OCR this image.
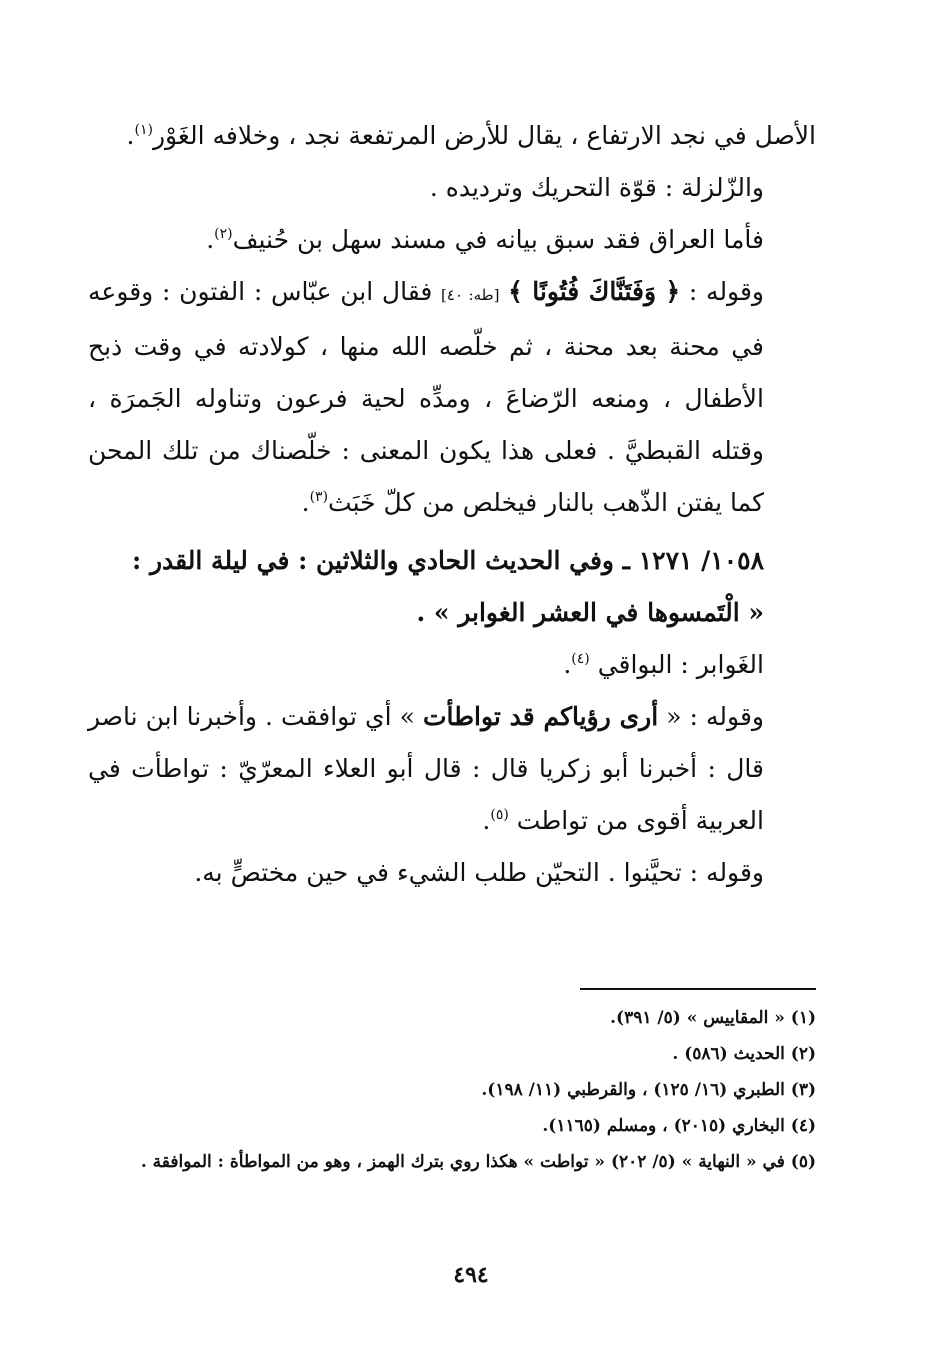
الأصل في نجد الارتفاع ، يقال للأرض المرتفعة نجد ، وخلافه الغَوْر$^{(١)}$.

والزّلزلة : قوّة التحريك وترديده .

فأما العراق فقد سبق بيانه في مسند سهل بن حُنيف$^{(٢)}$.

وقوله : ﴿ وَفَتَنَّاكَ فُتُونًا ﴾ [طه: ٤٠] فقال ابن عبّاس : الفتون : وقوعه في محنة بعد محنة ، ثم خلّصه الله منها ، كولادته في وقت ذبح الأطفال ، ومنعه الرّضاعَ ، ومدِّه لحية فرعون وتناوله الجَمرَة ، وقتله القبطيَّ . فعلى هذا يكون المعنى : خلّصناك من تلك المحن كما يفتن الذّهب بالنار فيخلص من كلّ خَبَث$^{(٣)}$.

١٠٥٨/ ١٢٧١ ـ وفي الحديث الحادي والثلاثين : في ليلة القدر :
« الْتَمسوها في العشر الغوابر » .

الغَوابر : البواقي $^{(٤)}$.

وقوله : « أرى رؤياكم قد تواطأت » أي توافقت . وأخبرنا ابن ناصر قال : أخبرنا أبو زكريا قال : قال أبو العلاء المعرّيّ : تواطأت في العربية أقوى من تواطت $^{(٥)}$.

وقوله : تحيَّنوا . التحيّن طلب الشيء في حين مختصٍّ به.

(١) « المقاييس » (٥/ ٣٩١).

(٢) الحديث (٥٨٦) .

(٣) الطبري (١٦/ ١٢٥) ، والقرطبي (١١/ ١٩٨).

(٤) البخاري (٢٠١٥) ، ومسلم (١١٦٥).

(٥) في « النهاية » (٥/ ٢٠٢) « تواطت » هكذا روي بترك الهمز ، وهو من المواطأة : الموافقة .

٤٩٤
